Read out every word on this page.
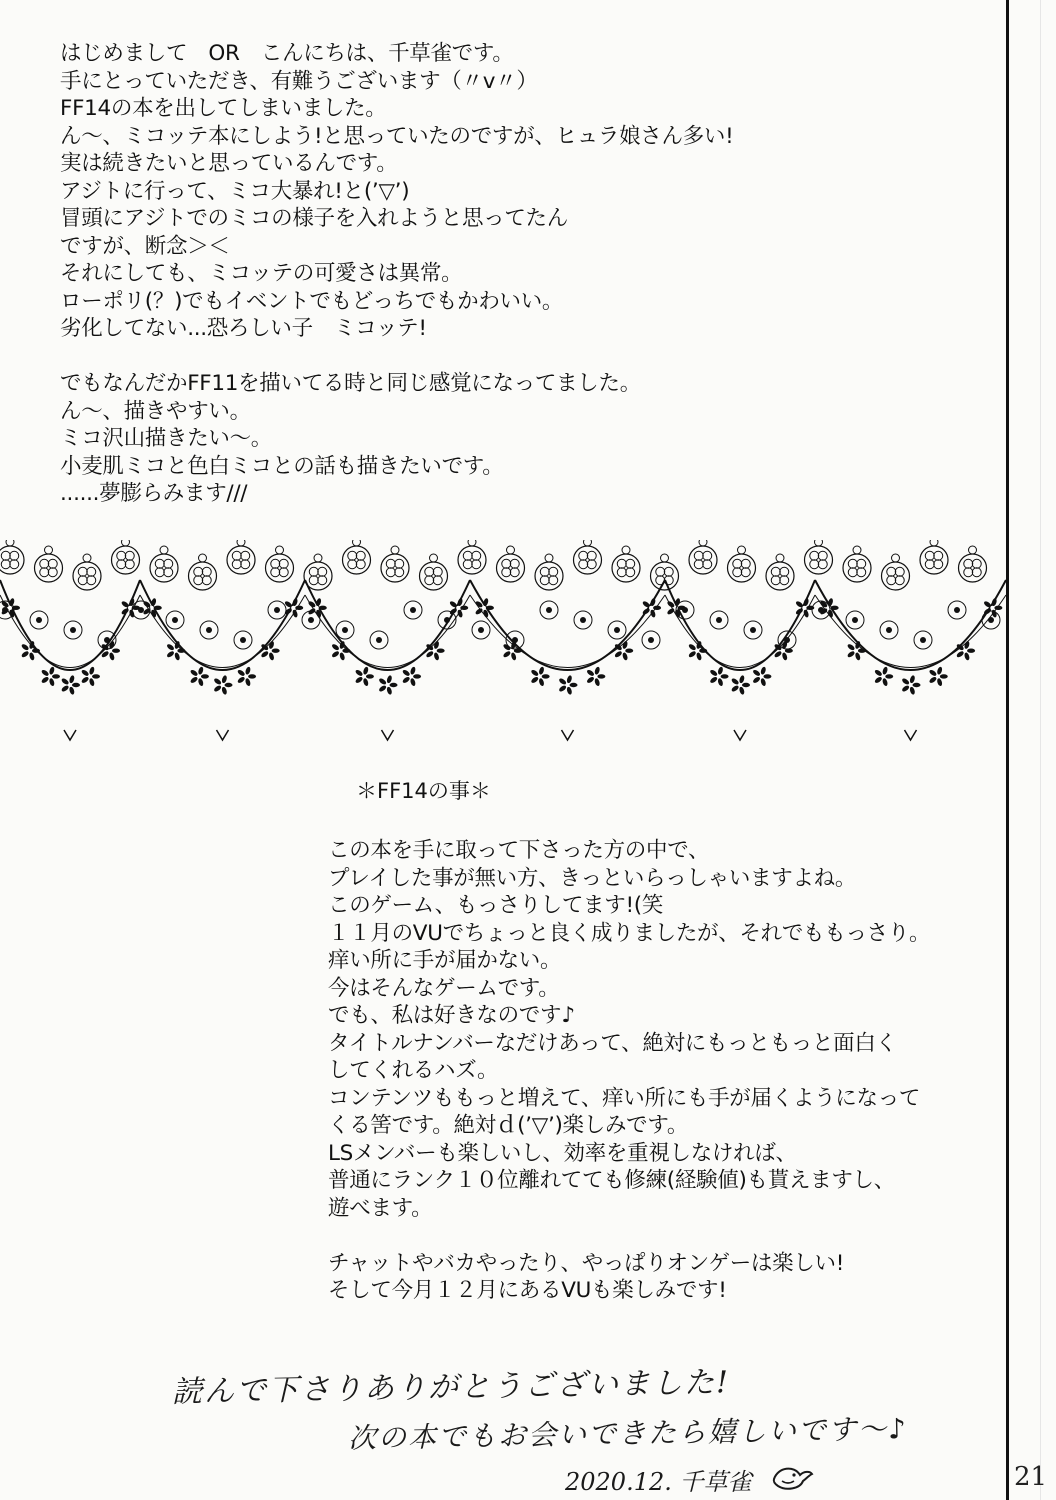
はじめまして　OR　こんにちは、千草雀です。
手にとっていただき、有難うございます（〃v〃）
FF14の本を出してしまいました。
ん～、ミコッテ本にしよう!と思っていたのですが、ヒュラ娘さん多い!
実は続きたいと思っているんです。
アジトに行って、ミコ大暴れ!と(’▽’)
冒頭にアジトでのミコの様子を入れようと思ってたん
ですが、断念＞＜
それにしても、ミコッテの可愛さは異常。
ローポリ(？)でもイベントでもどっちでもかわいい。
劣化してない...恐ろしい子　ミコッテ!

でもなんだかFF11を描いてる時と同じ感覚になってました。
ん～、描きやすい。
ミコ沢山描きたい～。
小麦肌ミコと色白ミコとの話も描きたいです。
......夢膨らみます///
＊FF14の事＊
この本を手に取って下さった方の中で、
プレイした事が無い方、きっといらっしゃいますよね。
このゲーム、もっさりしてます!(笑
１１月のVUでちょっと良く成りましたが、それでももっさり。
痒い所に手が届かない。
今はそんなゲームです。
でも、私は好きなのです♪
タイトルナンバーなだけあって、絶対にもっともっと面白く
してくれるハズ。
コンテンツももっと増えて、痒い所にも手が届くようになって
くる筈です。絶対ｄ(’▽’)楽しみです。
LSメンバーも楽しいし、効率を重視しなければ、
普通にランク１０位離れてても修練(経験値)も貰えますし、
遊べます。

チャットやバカやったり、やっぱりオンゲーは楽しい!
そして今月１２月にあるVUも楽しみです!
読んで下さりありがとうございました!
次の本でもお会いできたら嬉しいです～♪
2020.12. 千草雀	21
